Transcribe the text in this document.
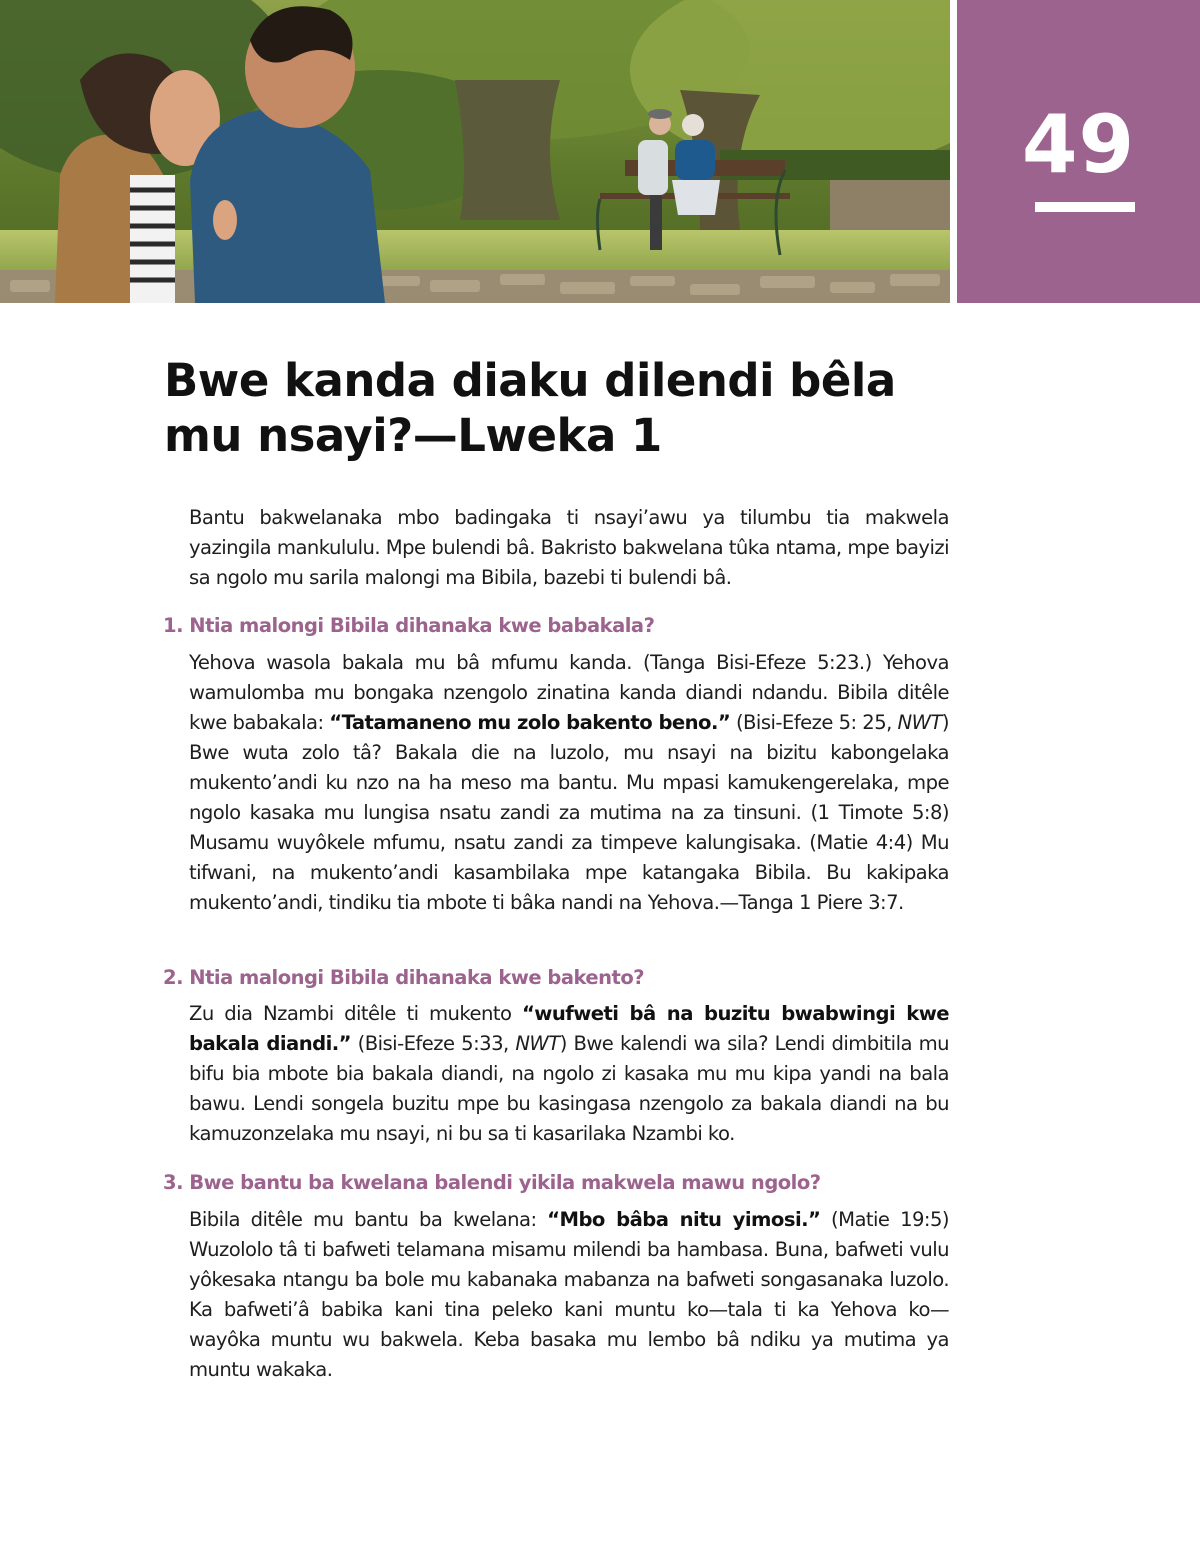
49
Bwe kanda diaku dilendi bêla
mu nsayi?—Lweka 1

Bantu bakwelanaka mbo badingaka ti nsayi’awu ya tilumbu tia makwela yazingila mankululu. Mpe bulendi bâ. Bakristo bakwelana tûka ntama, mpe bayizi sa ngolo mu sarila malongi ma Bibila, bazebi ti bulendi bâ.

1. Ntia malongi Bibila dihanaka kwe babakala?

Yehova wasola bakala mu bâ mfumu kanda. (Tanga Bisi-Efeze 5:23.) Yehova wamulomba mu bongaka nzengolo zinatina kanda diandi ndandu. Bibila ditêle kwe babakala: “Tatamaneno mu zolo bakento beno.” (Bisi-Efeze 5: 25, NWT) Bwe wuta zolo tâ? Bakala die na luzolo, mu nsayi na bizitu kabongelaka mukento’andi ku nzo na ha meso ma bantu. Mu mpasi kamukengerelaka, mpe ngolo kasaka mu lungisa nsatu zandi za mutima na za tinsuni. (1 Timote 5:8) Musamu wuyôkele mfumu, nsatu zandi za timpeve kalungisaka. (Matie 4:4) Mu tifwani, na mukento’andi kasambilaka mpe katangaka Bibila. Bu kakipaka mukento’andi, tindiku tia mbote ti bâka nandi na Yehova.—Tanga 1 Piere 3:7.

2. Ntia malongi Bibila dihanaka kwe bakento?

Zu dia Nzambi ditêle ti mukento “wufweti bâ na buzitu bwabwingi kwe bakala diandi.” (Bisi-Efeze 5:33, NWT) Bwe kalendi wa sila? Lendi dimbitila mu bifu bia mbote bia bakala diandi, na ngolo zi kasaka mu mu kipa yandi na bala bawu. Lendi songela buzitu mpe bu kasingasa nzengolo za bakala diandi na bu kamuzonzelaka mu nsayi, ni bu sa ti kasarilaka Nzambi ko.

3. Bwe bantu ba kwelana balendi yikila makwela mawu ngolo?

Bibila ditêle mu bantu ba kwelana: “Mbo bâba nitu yimosi.” (Matie 19:5) Wuzololo tâ ti bafweti telamana misamu milendi ba hambasa. Buna, bafweti vulu yôkesaka ntangu ba bole mu kabanaka mabanza na bafweti songasanaka luzolo. Ka bafweti’â babika kani tina peleko kani muntu ko—tala ti ka Yehova ko—wayôka muntu wu bakwela. Keba basaka mu lembo bâ ndiku ya mutima ya muntu wakaka.
